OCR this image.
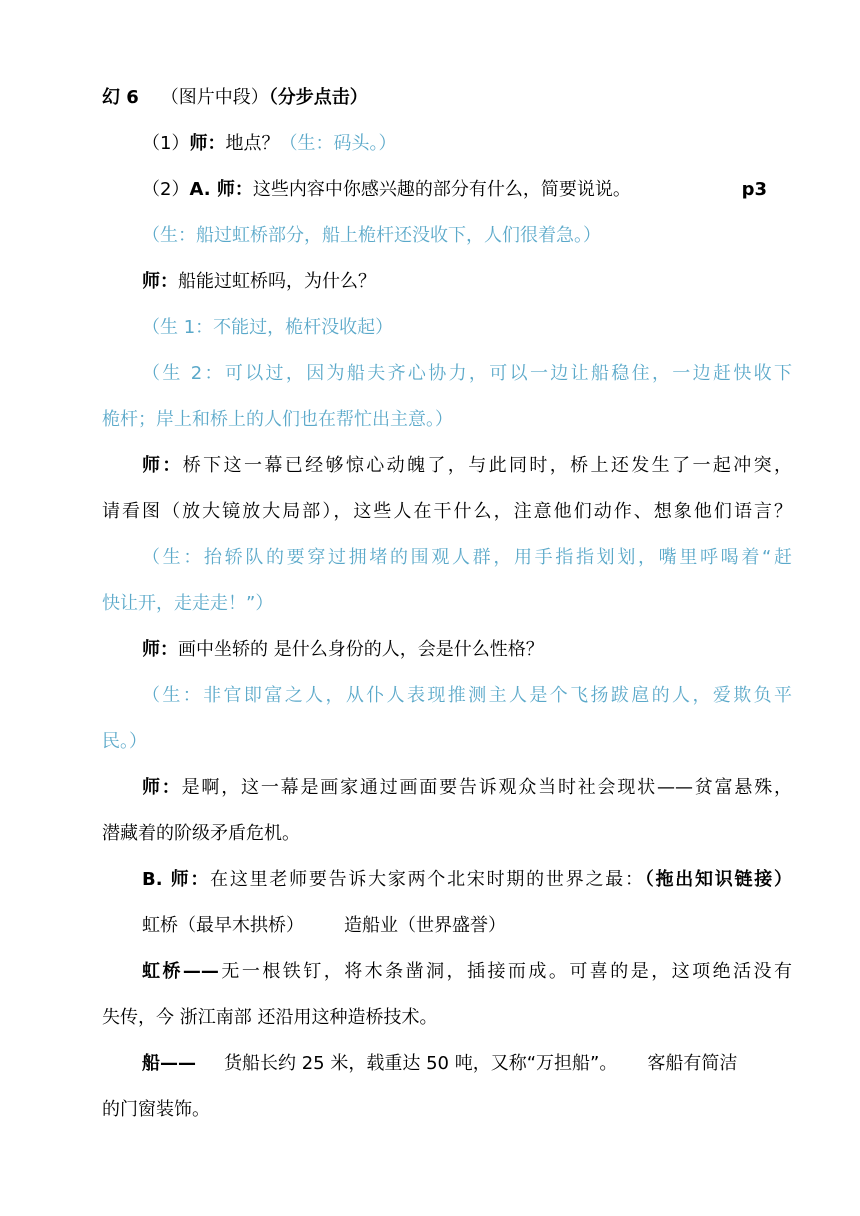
幻 6 （图片中段）（分步点击）
（1）师：地点？（生：码头。）
（2）A. 师：这些内容中你感兴趣的部分有什么，简要说说。	p3
（生：船过虹桥部分，船上桅杆还没收下，人们很着急。）
师：船能过虹桥吗，为什么？
（生 1：不能过，桅杆没收起）
（生 2：可以过，因为船夫齐心协力，可以一边让船稳住，一边赶快收下
桅杆；岸上和桥上的人们也在帮忙出主意。）
师：桥下这一幕已经够惊心动魄了，与此同时，桥上还发生了一起冲突，
请看图（放大镜放大局部），这些人在干什么，注意他们动作、想象他们语言？
（生：抬轿队的要穿过拥堵的围观人群，用手指指划划，嘴里呼喝着“赶
快让开，走走走！”）
师：画中坐轿的 是什么身份的人，会是什么性格？
（生：非官即富之人，从仆人表现推测主人是个飞扬跋扈的人，爱欺负平
民。）
师：是啊，这一幕是画家通过画面要告诉观众当时社会现状——贫富悬殊，
潜藏着的阶级矛盾危机。
B. 师：在这里老师要告诉大家两个北宋时期的世界之最：（拖出知识链接）
虹桥（最早木拱桥） 造船业（世界盛誉）
虹桥——无一根铁钉，将木条凿洞，插接而成。可喜的是，这项绝活没有
失传，今 浙江南部 还沿用这种造桥技术。
船—— 货船长约 25 米，载重达 50 吨，又称“万担船”。 客船有简洁
的门窗装饰。
